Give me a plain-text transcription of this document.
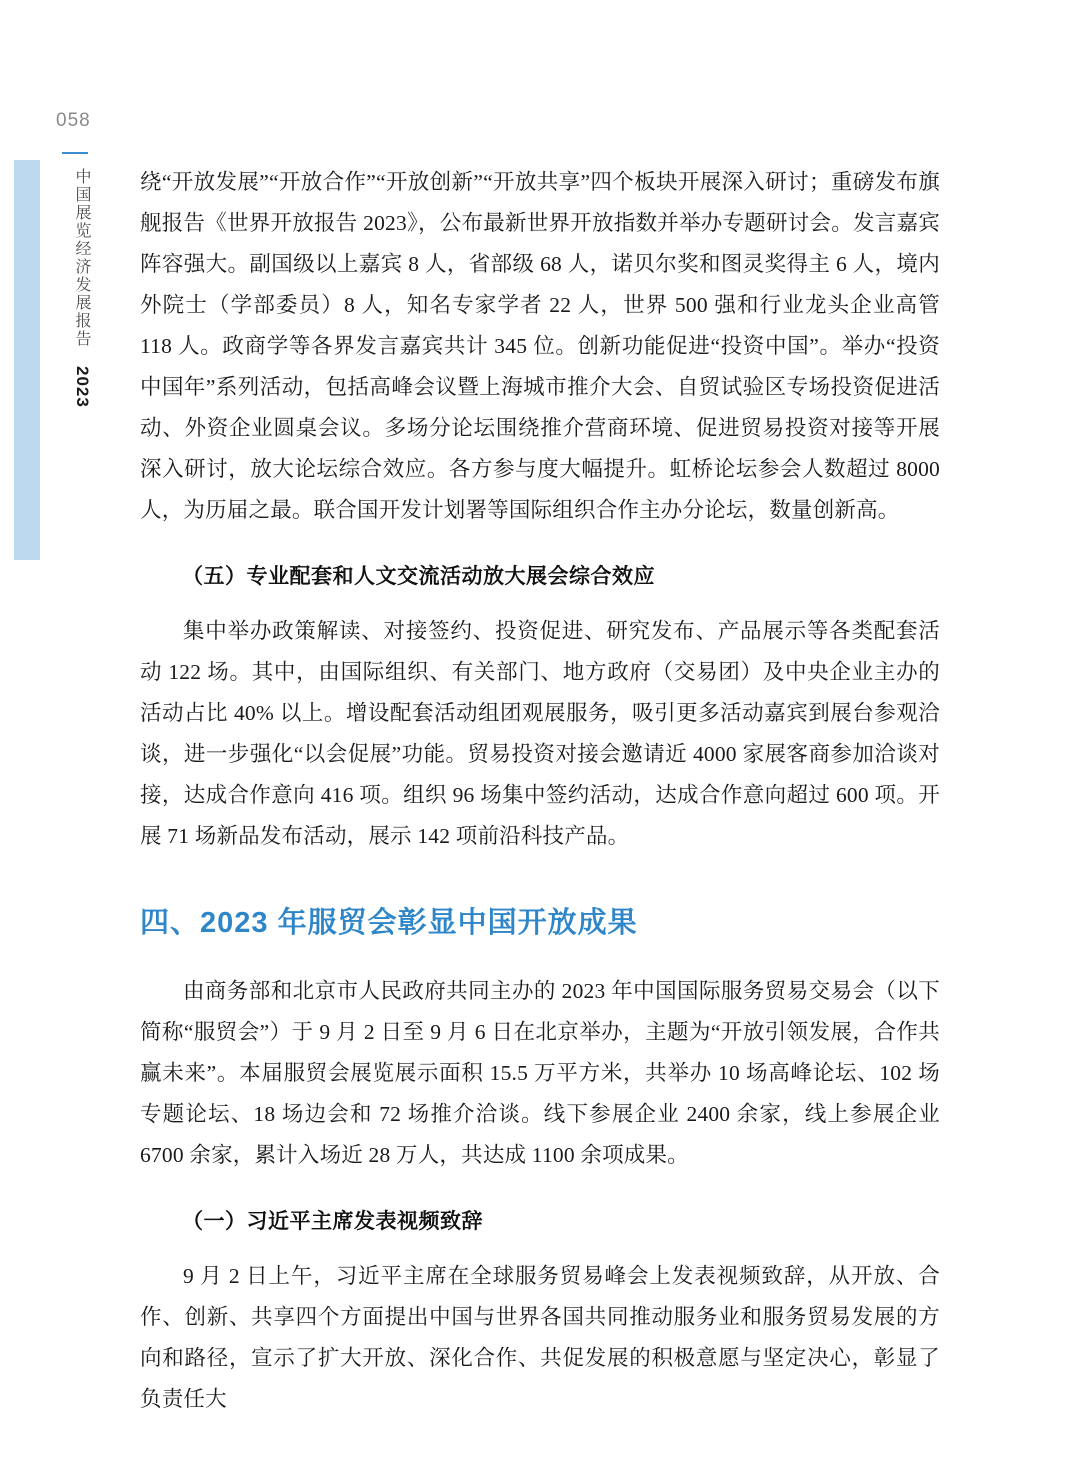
058
中国展览经济发展报告
2023

绕“开放发展”“开放合作”“开放创新”“开放共享”四个板块开展深入研讨；重磅发布旗舰报告《世界开放报告 2023》，公布最新世界开放指数并举办专题研讨会。发言嘉宾阵容强大。副国级以上嘉宾 8 人，省部级 68 人，诺贝尔奖和图灵奖得主 6 人，境内外院士（学部委员）8 人，知名专家学者 22 人，世界 500 强和行业龙头企业高管 118 人。政商学等各界发言嘉宾共计 345 位。创新功能促进“投资中国”。举办“投资中国年”系列活动，包括高峰会议暨上海城市推介大会、自贸试验区专场投资促进活动、外资企业圆桌会议。多场分论坛围绕推介营商环境、促进贸易投资对接等开展深入研讨，放大论坛综合效应。各方参与度大幅提升。虹桥论坛参会人数超过 8000 人，为历届之最。联合国开发计划署等国际组织合作主办分论坛，数量创新高。

（五）专业配套和人文交流活动放大展会综合效应

集中举办政策解读、对接签约、投资促进、研究发布、产品展示等各类配套活动 122 场。其中，由国际组织、有关部门、地方政府（交易团）及中央企业主办的活动占比 40% 以上。增设配套活动组团观展服务，吸引更多活动嘉宾到展台参观洽谈，进一步强化“以会促展”功能。贸易投资对接会邀请近 4000 家展客商参加洽谈对接，达成合作意向 416 项。组织 96 场集中签约活动，达成合作意向超过 600 项。开展 71 场新品发布活动，展示 142 项前沿科技产品。

四、2023 年服贸会彰显中国开放成果

由商务部和北京市人民政府共同主办的 2023 年中国国际服务贸易交易会（以下简称“服贸会”）于 9 月 2 日至 9 月 6 日在北京举办，主题为“开放引领发展，合作共赢未来”。本届服贸会展览展示面积 15.5 万平方米，共举办 10 场高峰论坛、102 场专题论坛、18 场边会和 72 场推介洽谈。线下参展企业 2400 余家，线上参展企业 6700 余家，累计入场近 28 万人，共达成 1100 余项成果。

（一）习近平主席发表视频致辞

9 月 2 日上午，习近平主席在全球服务贸易峰会上发表视频致辞，从开放、合作、创新、共享四个方面提出中国与世界各国共同推动服务业和服务贸易发展的方向和路径，宣示了扩大开放、深化合作、共促发展的积极意愿与坚定决心，彰显了负责任大
